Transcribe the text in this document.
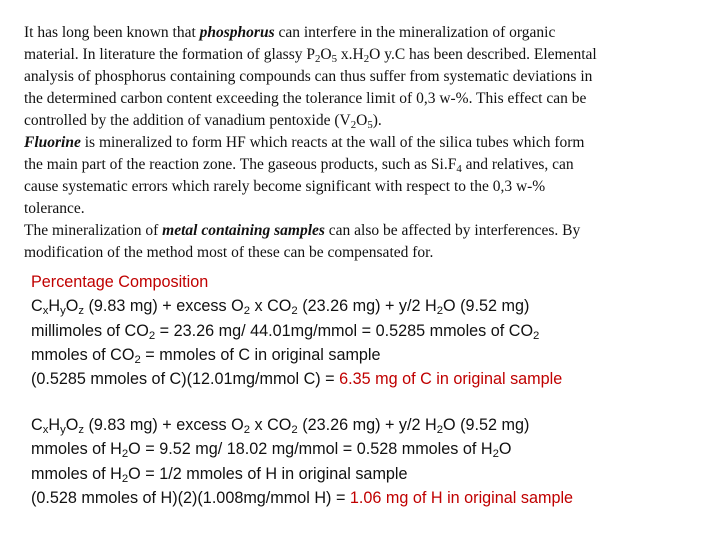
It has long been known that phosphorus can interfere in the mineralization of organic
material. In literature the formation of glassy $P_2O_5$ $x.H_2O$ y.C has been described. Elemental
analysis of phosphorus containing compounds can thus suffer from systematic deviations in
the determined carbon content exceeding the tolerance limit of 0,3 w-%. This effect can be
controlled by the addition of vanadium pentoxide $(V_2O_5)$.
Fluorine is mineralized to form HF which reacts at the wall of the silica tubes which form
the main part of the reaction zone. The gaseous products, such as $Si.F_4$ and relatives, can
cause systematic errors which rarely become significant with respect to the 0,3 w-%
tolerance.
The mineralization of metal containing samples can also be affected by interferences. By
modification of the method most of these can be compensated for.
Percentage Composition
$C_xH_yO_z$ (9.83 mg) + excess $O_2$ x $CO_2$ (23.26 mg) + y/2 $H_2O$ (9.52 mg)
millimoles of $CO_2 = 23.26$ mg/ 44.01mg/mmol = 0.5285 mmoles of $CO_2$
mmoles of $CO_2$ = mmoles of C in original sample
(0.5285 mmoles of C)(12.01mg/mmol C) = 6.35 mg of C in original sample
$C_xH_yO_z$ (9.83 mg) + excess $O_2$ x $CO_2$ (23.26 mg) + y/2 $H_2O$ (9.52 mg)
mmoles of $H_2O = 9.52$ mg/ 18.02 mg/mmol = 0.528 mmoles of $H_2O$
mmoles of $H_2O = 1/2$ mmoles of H in original sample
(0.528 mmoles of H)(2)(1.008mg/mmol H) = 1.06 mg of H in original sample
